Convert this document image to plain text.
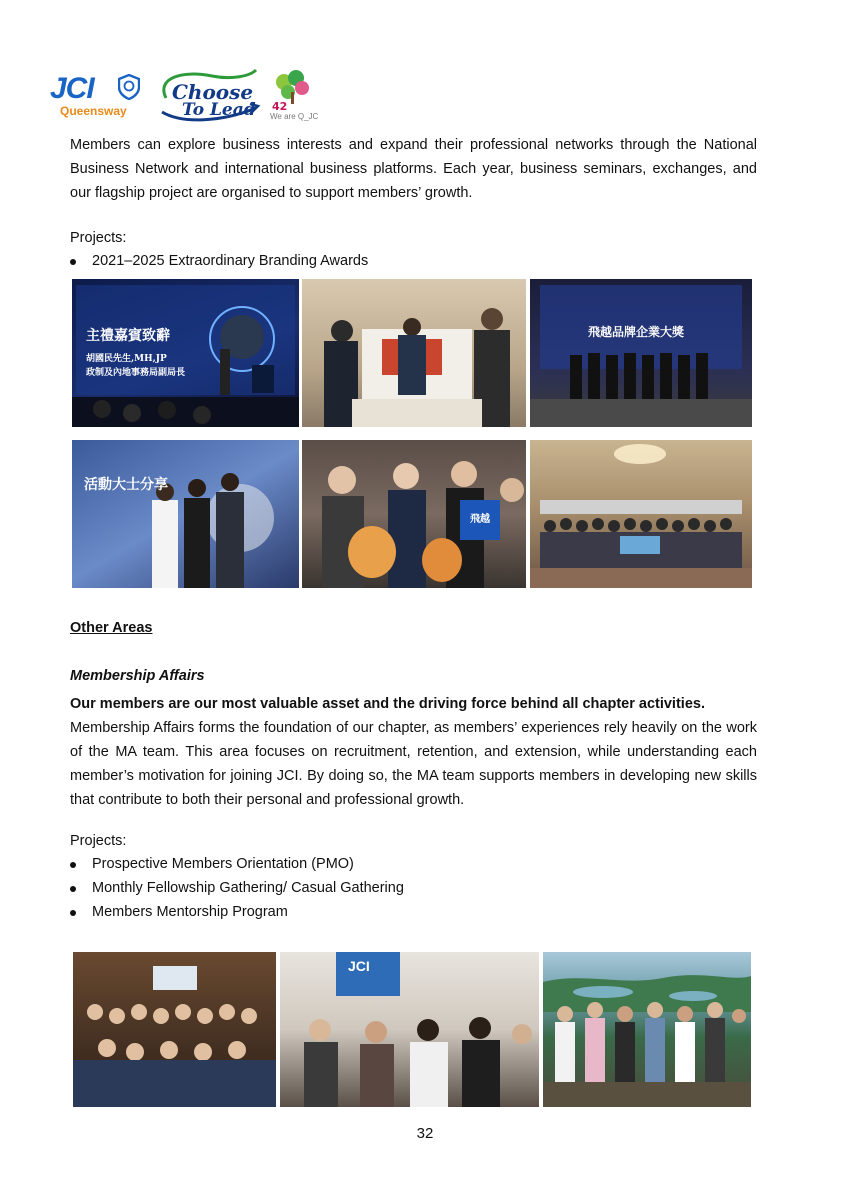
JCI
Queensway
Choose
To Lead 42
We are Q_JC

Members can explore business interests and expand their professional networks through the National Business Network and international business platforms. Each year, business seminars, exchanges, and our flagship project are organised to support members’ growth.

Projects:

2021–2025 Extraordinary Branding Awards
主禮嘉賓致辭
胡國民先生,MH,JP
政制及內地事務局副局長
飛越品牌企業大獎
活動大士分享
飛越

Other Areas

Membership Affairs

Our members are our most valuable asset and the driving force behind all chapter activities.

Membership Affairs forms the foundation of our chapter, as members’ experiences rely heavily on the work of the MA team. This area focuses on recruitment, retention, and extension, while understanding each member’s motivation for joining JCI. By doing so, the MA team supports members in developing new skills that contribute to both their personal and professional growth.

Projects:

Prospective Members Orientation (PMO)
Monthly Fellowship Gathering/ Casual Gathering
Members Mentorship Program
JCI
32
